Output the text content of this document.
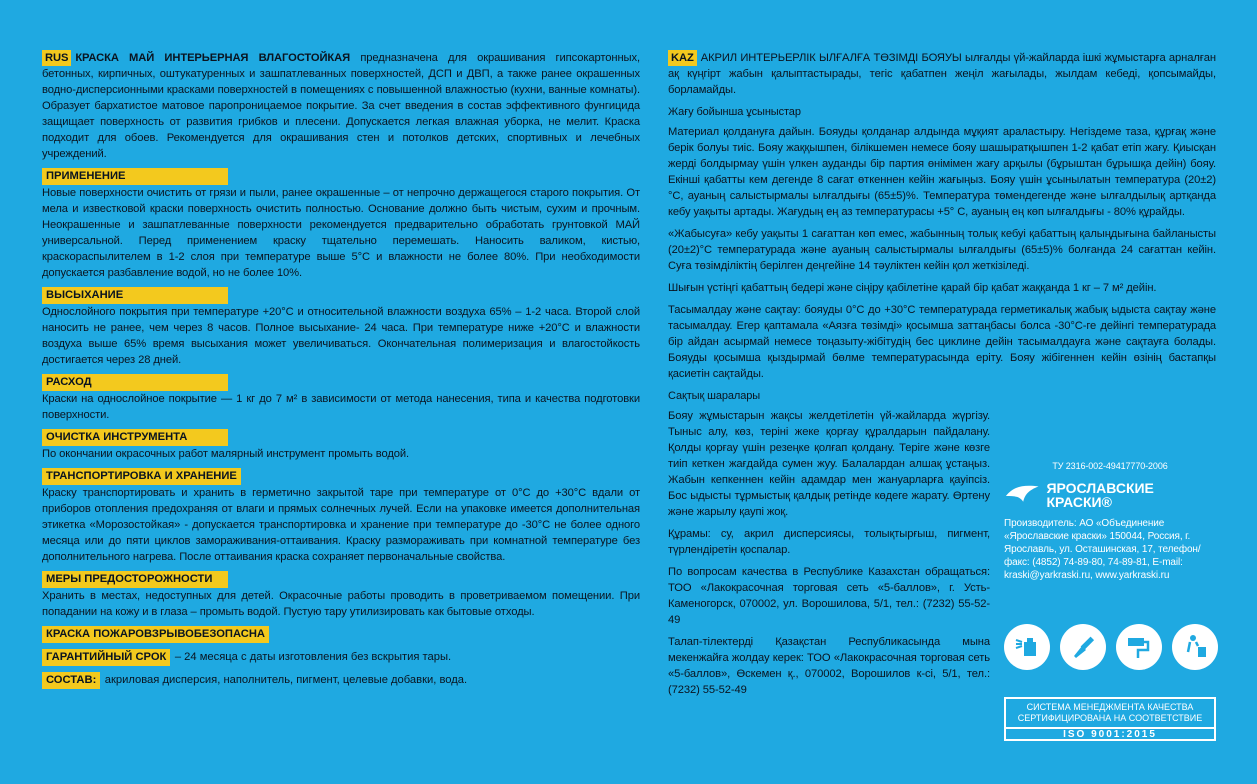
RUS КРАСКА МАЙ ИНТЕРЬЕРНАЯ ВЛАГОСТОЙКАЯ предназначена для окрашивания гипсокартонных, бетонных, кирпичных, оштукатуренных и зашпатлеванных поверхностей, ДСП и ДВП, а также ранее окрашенных водно-дисперсионными красками поверхностей в помещениях с повышенной влажностью (кухни, ванные комнаты). Образует бархатистое матовое паропроницаемое покрытие. За счет введения в состав эффективного фунгицида защищает поверхность от развития грибков и плесени. Допускается легкая влажная уборка, не мелит. Краска подходит для обоев. Рекомендуется для окрашивания стен и потолков детских, спортивных и лечебных учреждений.

ПРИМЕНЕНИЕ

Новые поверхности очистить от грязи и пыли, ранее окрашенные – от непрочно держащегося старого покрытия. От мела и известковой краски поверхность очистить полностью. Основание должно быть чистым, сухим и прочным. Неокрашенные и зашпатлеванные поверхности рекомендуется предварительно обработать грунтовкой МАЙ универсальной. Перед применением краску тщательно перемешать. Наносить валиком, кистью, краскораспылителем в 1-2 слоя при температуре выше 5°С и влажности не более 80%. При необходимости допускается разбавление водой, но не более 10%.

ВЫСЫХАНИЕ

Однослойного покрытия при температуре +20°С и относительной влажности воздуха 65% – 1-2 часа. Второй слой наносить не ранее, чем через 8 часов. Полное высыхание- 24 часа. При температуре ниже +20°С и влажности воздуха выше 65% время высыхания может увеличиваться. Окончательная полимеризация и влагостойкость достигается через 28 дней.

РАСХОД

Краски на однослойное покрытие — 1 кг до 7 м² в зависимости от метода нанесения, типа и качества подготовки поверхности.

ОЧИСТКА ИНСТРУМЕНТА

По окончании окрасочных работ малярный инструмент промыть водой.

ТРАНСПОРТИРОВКА И ХРАНЕНИЕ

Краску транспортировать и хранить в герметично закрытой таре при температуре от 0°С до +30°С вдали от приборов отопления предохраняя от влаги и прямых солнечных лучей. Если на упаковке имеется дополнительная этикетка «Морозостойкая» - допускается транспортировка и хранение при температуре до -30°С не более одного месяца или до пяти циклов замораживания-оттаивания. Краску размораживать при комнатной температуре без дополнительного нагрева. После оттаивания краска сохраняет первоначальные свойства.

МЕРЫ ПРЕДОСТОРОЖНОСТИ

Хранить в местах, недоступных для детей. Окрасочные работы проводить в проветриваемом помещении. При попадании на кожу и в глаза – промыть водой. Пустую тару утилизировать как бытовые отходы.

КРАСКА ПОЖАРОВЗРЫВОБЕЗОПАСНА
ГАРАНТИЙНЫЙ СРОК – 24 месяца с даты изготовления без вскрытия тары.
СОСТАВ: акриловая дисперсия, наполнитель, пигмент, целевые добавки, вода.

KAZ АКРИЛ ИНТЕРЬЕРЛІК ЫЛҒАЛҒА ТӨЗІМДІ БОЯУЫ ылғалды үй-жайларда ішкі жұмыстарға арналған ақ күңгірт жабын қалыптастырады, тегіс қабатпен жеңіл жағылады, жылдам кебеді, қопсымайды, борламайды.

Жағу бойынша ұсыныстар

Материал қолдануға дайын. Бояуды қолданар алдында мұқият араластыру. Негіздеме таза, құрғақ және берік болуы тиіс. Бояу жаққышпен, білікшемен немесе бояу шашыратқышпен 1-2 қабат етіп жағу. Қиысқан жерді болдырмау үшін үлкен ауданды бір партия өнімімен жағу арқылы (бұрыштан бұрышқа дейін) бояу. Екінші қабатты кем дегенде 8 сағат өткеннен кейін жағыңыз. Бояу үшін ұсынылатын температура (20±2)°С, ауаның салыстырмалы ылғалдығы (65±5)%. Температура төмендегенде және ылғалдылық артқанда кебу уақыты артады. Жағудың ең аз температурасы +5° С, ауаның ең көп ылғалдығы - 80% құрайды.

«Жабысуға» кебу уақыты 1 сағаттан көп емес, жабынның толық кебуі қабаттың қалыңдығына байланысты (20±2)°С температурада және ауаның салыстырмалы ылғалдығы (65±5)% болғанда 24 сағаттан кейін. Суға төзімділіктің берілген деңгейіне 14 тәуліктен кейін қол жеткізіледі.

Шығын үстіңгі қабаттың бедері және сіңіру қабілетіне қарай бір қабат жаққанда 1 кг – 7 м² дейін.

Тасымалдау және сақтау: бояуды 0°С до +30°С температурада герметикалық жабық ыдыста сақтау және тасымалдау. Егер қаптамала «Аязға төзімді» қосымша заттаңбасы болса -30°С-ге дейінгі температурада бір айдан асырмай немесе тоңазыту-жібітудің бес циклине дейін тасымалдауға және сақтауға болады. Бояуды қосымша қыздырмай бөлме температурасында еріту. Бояу жібігеннен кейін өзінің бастапқы қасиетін сақтайды.

Сақтық шаралары

Бояу жұмыстарын жақсы желдетілетін үй-жайларда жүргізу. Тыныс алу, көз, теріні жеке қорғау құралдарын пайдалану. Қолды қорғау үшін резеңке қолғап қолдану. Терiге және көзге тиiп кеткен жағдайда сумен жуу. Балалардан алшақ ұстаңыз. Жабын кепкеннен кейін адамдар мен жануарларға қауіпсіз. Бос ыдысты тұрмыстық қалдық ретінде көдеге жарату. Өртену және жарылу қаупі жоқ.

Құрамы: су, акрил дисперсиясы, толықтырғыш, пигмент, түрлендіретін қоспалар.

По вопросам качества в Республике Казахстан обращаться: ТОО «Лакокрасочная торговая сеть «5-баллов», г. Усть-Каменогорск, 070002, ул. Ворошилова, 5/1, тел.: (7232) 55-52-49

Талап-тілектерді Қазақстан Республикасында мына мекенжайға жолдау керек: ТОО «Лакокрасочная торговая сеть «5-баллов», Өскемен қ., 070002, Ворошилов к-сі, 5/1, тел.: (7232) 55-52-49

ТУ 2316-002-49417770-2006

ЯРОСЛАВСКИЕ КРАСКИ®

Производитель: АО «Объединение «Ярославские краски» 150044, Россия, г. Ярославль, ул. Осташинская, 17, телефон/факс: (4852) 74-89-80, 74-89-81, E-mail: kraski@yarkraski.ru, www.yarkraski.ru

СИСТЕМА МЕНЕДЖМЕНТА КАЧЕСТВА СЕРТИФИЦИРОВАНА НА СООТВЕТСТВИЕ
ISO 9001:2015
